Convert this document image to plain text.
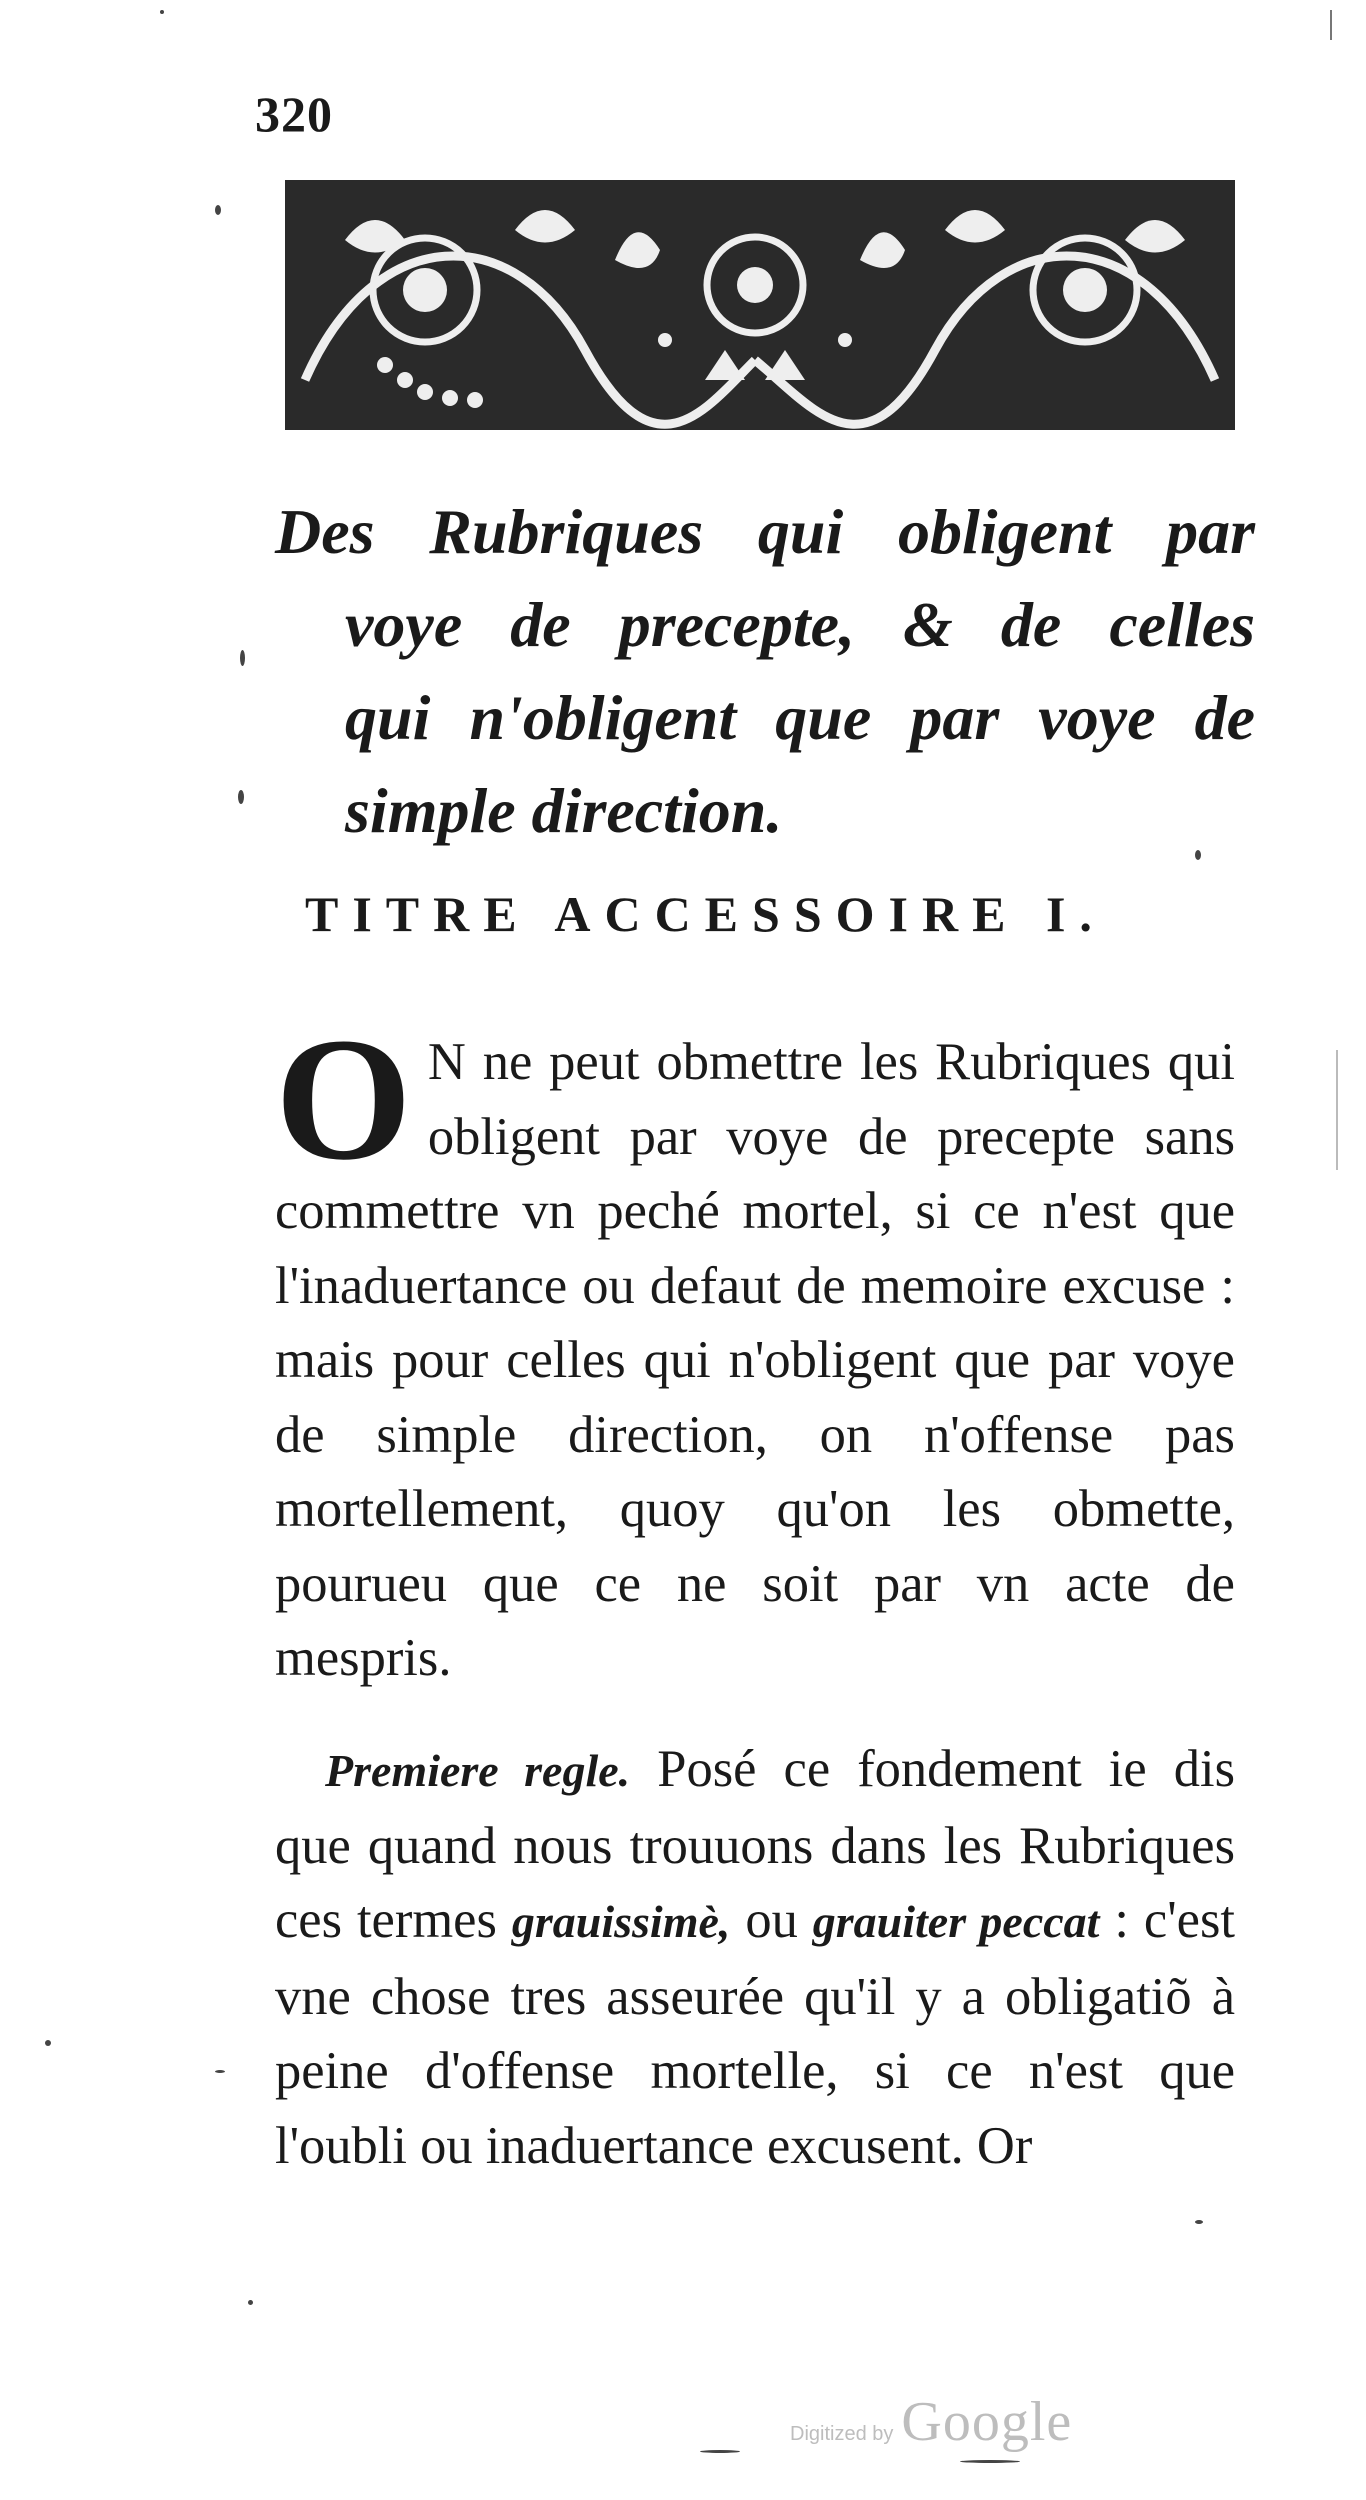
320
Des Rubriques qui obligent par
voye de precepte, & de celles
qui n'obligent que par voye de
simple direction.
TITRE ACCESSOIRE I.

O N ne peut obmettre les Rubriques qui obligent par voye de precepte sans commettre vn peché mortel, si ce n'est que l'inaduertance ou defaut de memoire excuse : mais pour celles qui n'obligent que par voye de simple direction, on n'offense pas mortellement, quoy qu'on les obmette, pourueu que ce ne soit par vn acte de mespris.

Premiere regle. Posé ce fondement ie dis que quand nous trouuons dans les Rubriques ces termes grauissimè, ou grauiter peccat : c'est vne chose tres asseurée qu'il y a obligatiõ à peine d'offense mortelle, si ce n'est que l'oubli ou inaduertance excusent. Or

Digitized by Google
